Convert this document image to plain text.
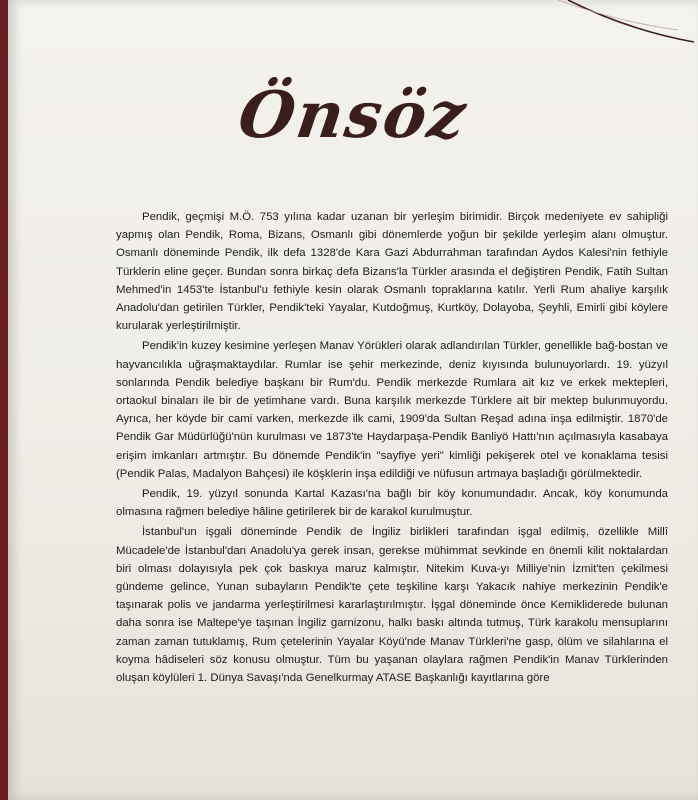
Önsöz

Pendik, geçmişi M.Ö. 753 yılına kadar uzanan bir yerleşim birimidir. Birçok medeniyete ev sahipliği yapmış olan Pendik, Roma, Bizans, Osmanlı gibi dönemlerde yoğun bir şekilde yerleşim alanı olmuştur. Osmanlı döneminde Pendik, ilk defa 1328'de Kara Gazi Abdurrahman tarafından Aydos Kalesi'nin fethiyle Türklerin eline geçer. Bundan sonra birkaç defa Bizans'la Türkler arasında el değiştiren Pendik, Fatih Sultan Mehmed'in 1453'te İstanbul'u fethiyle kesin olarak Osmanlı topraklarına katılır. Yerli Rum ahaliye karşılık Anadolu'dan getirilen Türkler, Pendik'teki Yayalar, Kutdoğmuş, Kurtköy, Dolayoba, Şeyhli, Emirli gibi köylere kurularak yerleştirilmiştir.

Pendik'in kuzey kesimine yerleşen Manav Yörükleri olarak adlandırılan Türkler, genellikle bağ-bostan ve hayvancılıkla uğraşmaktaydılar. Rumlar ise şehir merkezinde, deniz kıyısında bulunuyorlardı. 19. yüzyıl sonlarında Pendik belediye başkanı bir Rum'du. Pendik merkezde Rumlara ait kız ve erkek mektepleri, ortaokul binaları ile bir de yetimhane vardı. Buna karşılık merkezde Türklere ait bir mektep bulunmuyordu. Ayrıca, her köyde bir cami varken, merkezde ilk cami, 1909'da Sultan Reşad adına inşa edilmiştir. 1870'de Pendik Gar Müdürlüğü'nün kurulması ve 1873'te Haydarpaşa-Pendik Banliyö Hattı'nın açılmasıyla kasabaya erişim imkanları artmıştır. Bu dönemde Pendik'in "sayfiye yeri" kimliği pekişerek otel ve konaklama tesisi (Pendik Palas, Madalyon Bahçesi) ile köşklerin inşa edildiği ve nüfusun artmaya başladığı görülmektedir.

Pendik, 19. yüzyıl sonunda Kartal Kazası'na bağlı bir köy konumundadır. Ancak, köy konumunda olmasına rağmen belediye hâline getirilerek bir de karakol kurulmuştur.

İstanbul'un işgali döneminde Pendik de İngiliz birlikleri tarafından işgal edilmiş, özellikle Millî Mücadele'de İstanbul'dan Anadolu'ya gerek insan, gerekse mühimmat sevkinde en önemli kilit noktalardan biri olması dolayısıyla pek çok baskıya maruz kalmıştır. Nitekim Kuva-yı Milliye'nin İzmit'ten çekilmesi gündeme gelince, Yunan subayların Pendik'te çete teşkiline karşı Yakacık nahiye merkezinin Pendik'e taşınarak polis ve jandarma yerleştirilmesi kararlaştırılmıştır. İşgal döneminde önce Kemikliderede bulunan daha sonra ise Maltepe'ye taşınan İngiliz garnizonu, halkı baskı altında tutmuş, Türk karakolu mensuplarını zaman zaman tutuklamış, Rum çetelerinin Yayalar Köyü'nde Manav Türkleri'ne gasp, ölüm ve silahlarına el koyma hâdiseleri söz konusu olmuştur. Tüm bu yaşanan olaylara rağmen Pendik'in Manav Türklerinden oluşan köylüleri 1. Dünya Savaşı'nda Genelkurmay ATASE Başkanlığı kayıtlarına göre
